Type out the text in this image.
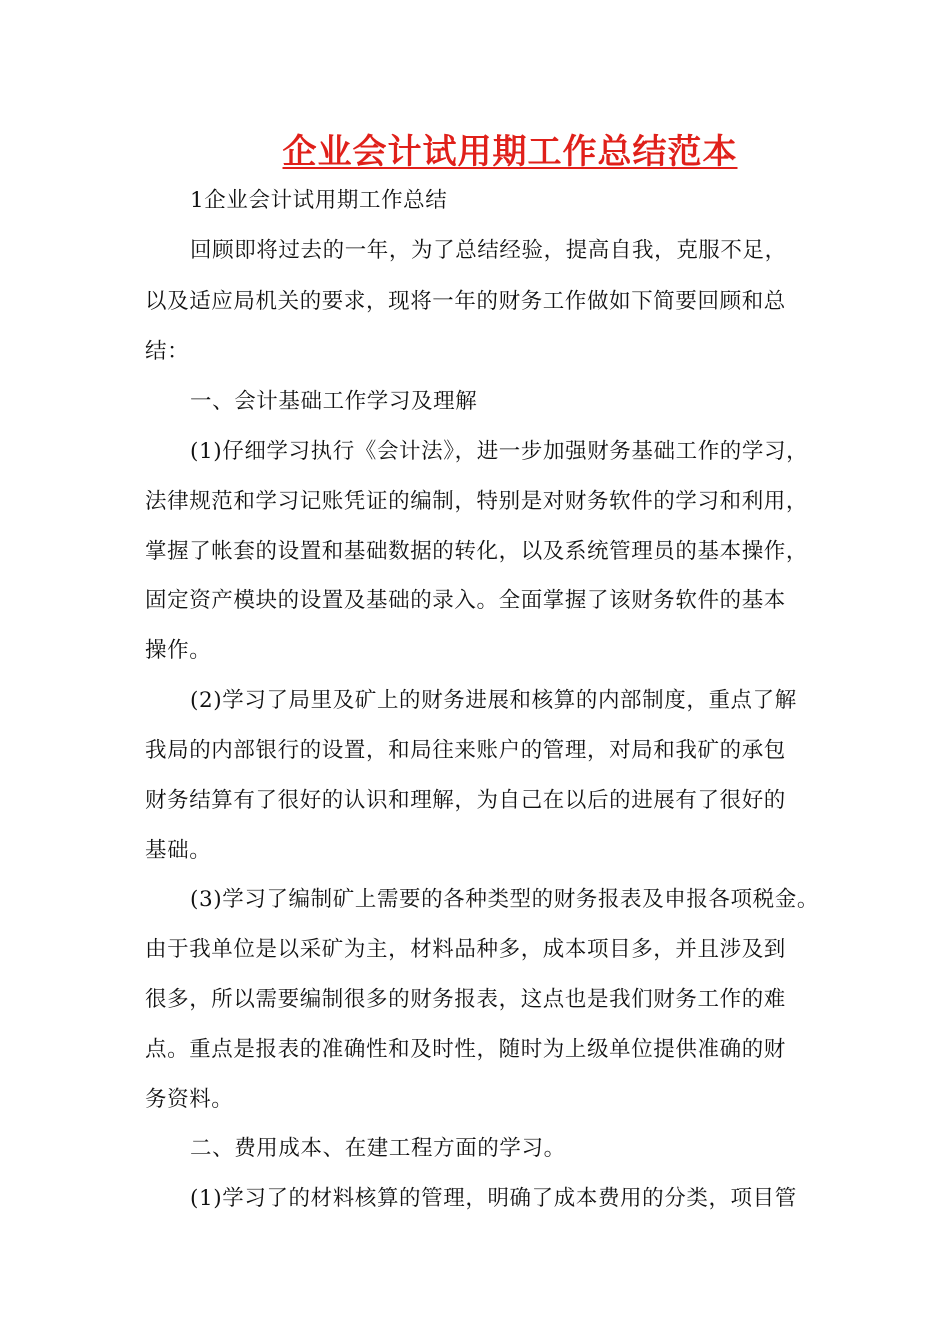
企业会计试用期工作总结范本
1企业会计试用期工作总结
回顾即将过去的一年，为了总结经验，提高自我，克服不足，
以及适应局机关的要求，现将一年的财务工作做如下简要回顾和总
结：
一、会计基础工作学习及理解
(1)仔细学习执行《会计法》，进一步加强财务基础工作的学习，
法律规范和学习记账凭证的编制，特别是对财务软件的学习和利用，
掌握了帐套的设置和基础数据的转化，以及系统管理员的基本操作，
固定资产模块的设置及基础的录入。全面掌握了该财务软件的基本
操作。
(2)学习了局里及矿上的财务进展和核算的内部制度，重点了解
我局的内部银行的设置，和局往来账户的管理，对局和我矿的承包
财务结算有了很好的认识和理解，为自己在以后的进展有了很好的
基础。
(3)学习了编制矿上需要的各种类型的财务报表及申报各项税金。
由于我单位是以采矿为主，材料品种多，成本项目多，并且涉及到
很多，所以需要编制很多的财务报表，这点也是我们财务工作的难
点。重点是报表的准确性和及时性，随时为上级单位提供准确的财
务资料。
二、费用成本、在建工程方面的学习。
(1)学习了的材料核算的管理，明确了成本费用的分类，项目管
